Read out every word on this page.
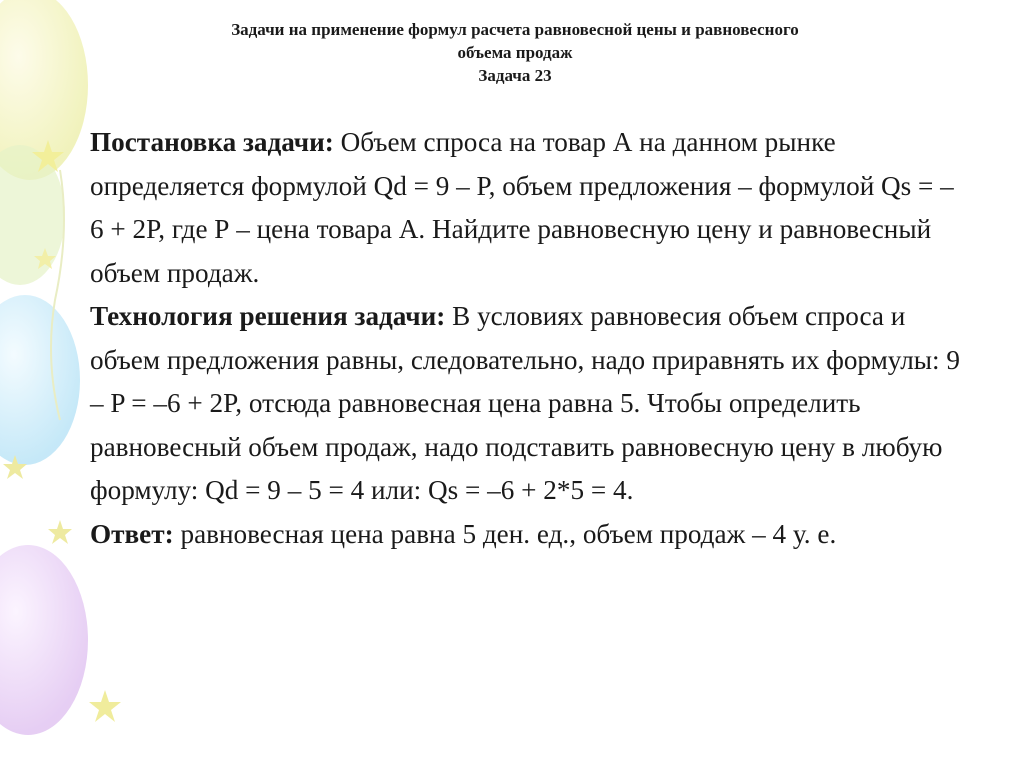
Задачи на применение формул расчета равновесной цены и равновесного
объема продаж
Задача 23

Постановка задачи: Объем спроса на товар А на данном рынке определяется формулой Qd = 9 – P, объем предложения – формулой Qs = –6 + 2P, где Р – цена товара А. Найдите равновесную цену и равновесный объем продаж.

Технология решения задачи: В условиях равновесия объем спроса и объем предложения равны, следовательно, надо приравнять их формулы: 9 – P = –6 + 2P, отсюда равновесная цена равна 5. Чтобы определить равновесный объем продаж, надо подставить равновесную цену в любую формулу: Qd = 9 – 5 = 4 или: Qs = –6 + 2*5 = 4.

Ответ: равновесная цена равна 5 ден. ед., объем продаж – 4 у. е.
